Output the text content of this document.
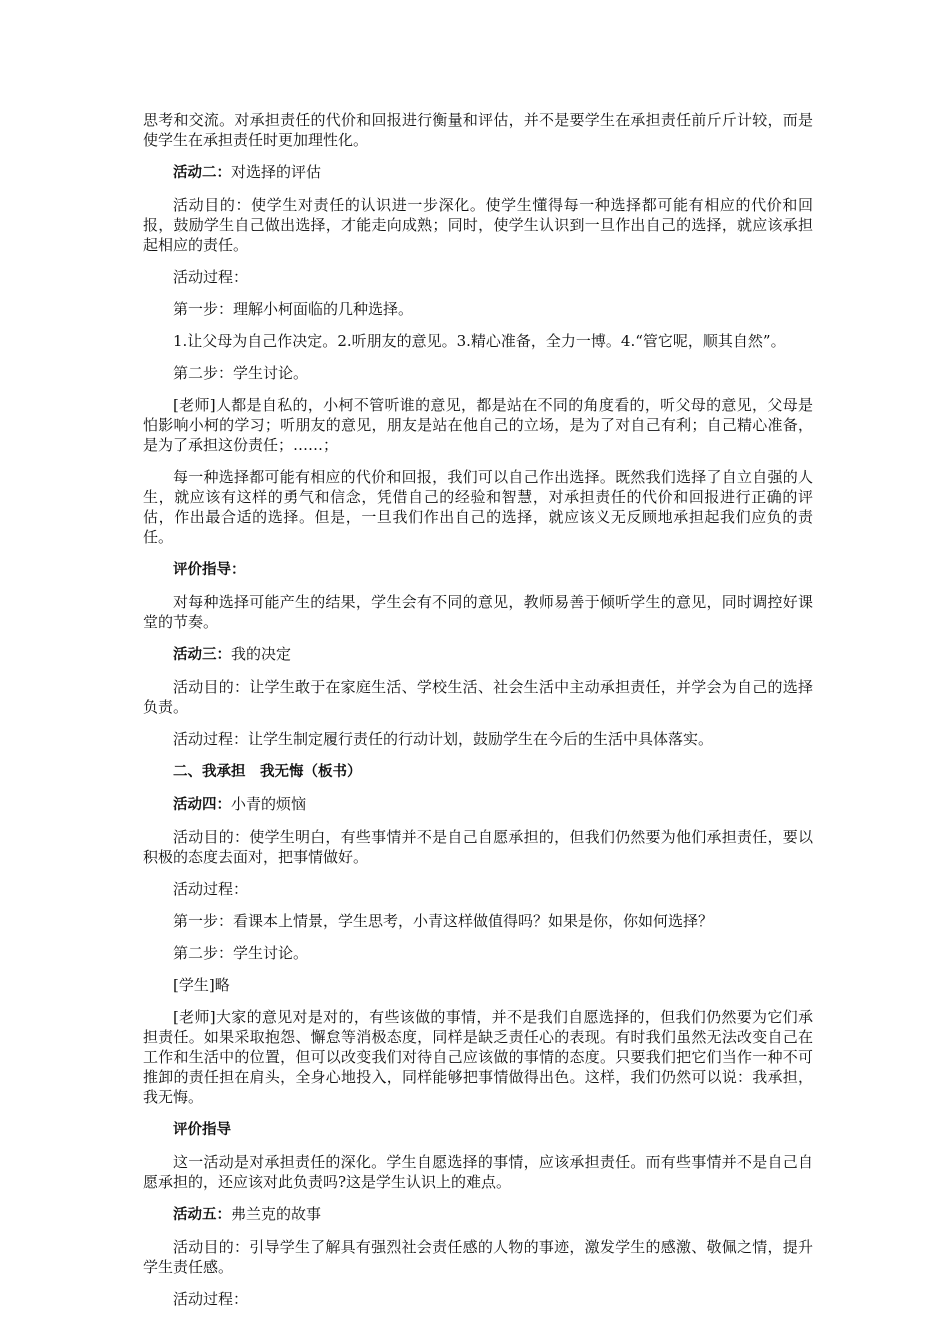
思考和交流。对承担责任的代价和回报进行衡量和评估，并不是要学生在承担责任前斤斤计较，而是使学生在承担责任时更加理性化。

活动二：对选择的评估

活动目的：使学生对责任的认识进一步深化。使学生懂得每一种选择都可能有相应的代价和回报，鼓励学生自己做出选择，才能走向成熟；同时，使学生认识到一旦作出自己的选择，就应该承担起相应的责任。

活动过程：

第一步：理解小柯面临的几种选择。

1.让父母为自己作决定。2.听朋友的意见。3.精心准备，全力一博。4.“管它呢，顺其自然”。

第二步：学生讨论。

[老师]人都是自私的，小柯不管听谁的意见，都是站在不同的角度看的，听父母的意见，父母是怕影响小柯的学习；听朋友的意见，朋友是站在他自己的立场，是为了对自己有利；自己精心准备，是为了承担这份责任；……；

每一种选择都可能有相应的代价和回报，我们可以自己作出选择。既然我们选择了自立自强的人生，就应该有这样的勇气和信念，凭借自己的经验和智慧，对承担责任的代价和回报进行正确的评估，作出最合适的选择。但是，一旦我们作出自己的选择，就应该义无反顾地承担起我们应负的责任。

评价指导：

对每种选择可能产生的结果，学生会有不同的意见，教师易善于倾听学生的意见，同时调控好课堂的节奏。

活动三：我的决定

活动目的：让学生敢于在家庭生活、学校生活、社会生活中主动承担责任，并学会为自己的选择负责。

活动过程：让学生制定履行责任的行动计划，鼓励学生在今后的生活中具体落实。

二、我承担　我无悔（板书）

活动四：小青的烦恼

活动目的：使学生明白，有些事情并不是自己自愿承担的，但我们仍然要为他们承担责任，要以积极的态度去面对，把事情做好。

活动过程：

第一步：看课本上情景，学生思考，小青这样做值得吗？如果是你，你如何选择？

第二步：学生讨论。

[学生]略

[老师]大家的意见对是对的，有些该做的事情，并不是我们自愿选择的，但我们仍然要为它们承担责任。如果采取抱怨、懈怠等消极态度，同样是缺乏责任心的表现。有时我们虽然无法改变自己在工作和生活中的位置，但可以改变我们对待自己应该做的事情的态度。只要我们把它们当作一种不可推卸的责任担在肩头，全身心地投入，同样能够把事情做得出色。这样，我们仍然可以说：我承担，我无悔。

评价指导

这一活动是对承担责任的深化。学生自愿选择的事情，应该承担责任。而有些事情并不是自己自愿承担的，还应该对此负责吗?这是学生认识上的难点。

活动五：弗兰克的故事

活动目的：引导学生了解具有强烈社会责任感的人物的事迹，激发学生的感激、敬佩之情，提升学生责任感。

活动过程：
